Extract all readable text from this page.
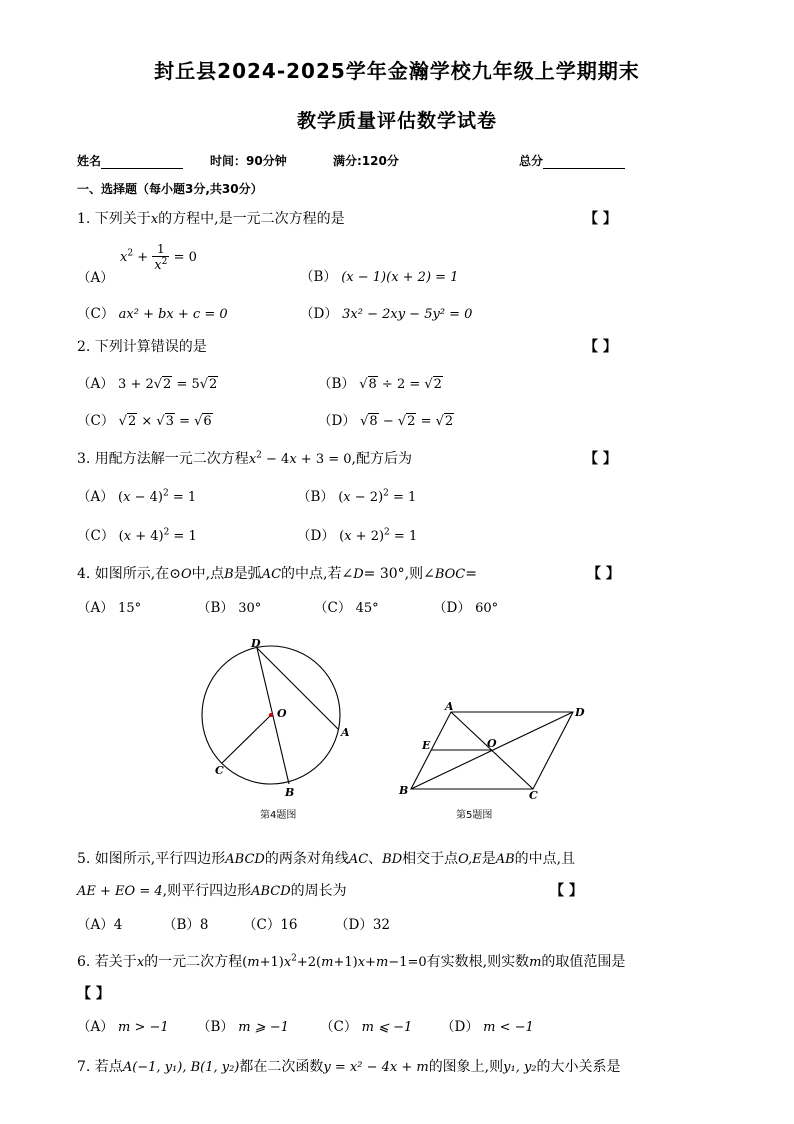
封丘县2024-2025学年金瀚学校九年级上学期期末
教学质量评估数学试卷
姓名	时间：90分钟	满分:120分	总分
一、选择题（每小题3分,共30分）
1. 下列关于x的方程中,是一元二次方程的是	【 】
（A）
$x^2 + \frac{1}{x^2} = 0$
（B） (x − 1)(x + 2) = 1
（C） ax² + bx + c = 0	（D） 3x² − 2xy − 5y² = 0
2. 下列计算错误的是	【 】
（A） 3 + 2√2 = 5√2	（B） √8 ÷ 2 = √2
（C） √2 × √3 = √6	（D） √8 − √2 = √2
3. 用配方法解一元二次方程$x^2 - 4x + 3 = 0$,配方后为	【 】
（A） $(x - 4)^2 = 1$	（B） $(x - 2)^2 = 1$
（C） $(x + 4)^2 = 1$	（D） $(x + 2)^2 = 1$
4. 如图所示,在⊙O中,点B是弧AC的中点,若∠D= 30°,则∠BOC=	【 】
（A） 15°	（B） 30°	（C） 45°	（D） 60°
D
O
A
C
B
第4题图
A	D
E	O
B	C
第5题图
5. 如图所示,平行四边形ABCD的两条对角线AC、BD相交于点O,E是AB的中点,且
AE + EO = 4,则平行四边形ABCD的周长为	【 】
（A）4	（B）8	（C）16	（D）32
6. 若关于x的一元二次方程$(m+1)x^2+2(m+1)x+m-1=0$有实数根,则实数m的取值范围是
【 】
（A） m > −1 （B） m ⩾ −1 （C） m ⩽ −1 （D） m < −1
7. 若点A(−1, y₁), B(1, y₂)都在二次函数y = x² − 4x + m的图象上,则y₁, y₂的大小关系是
